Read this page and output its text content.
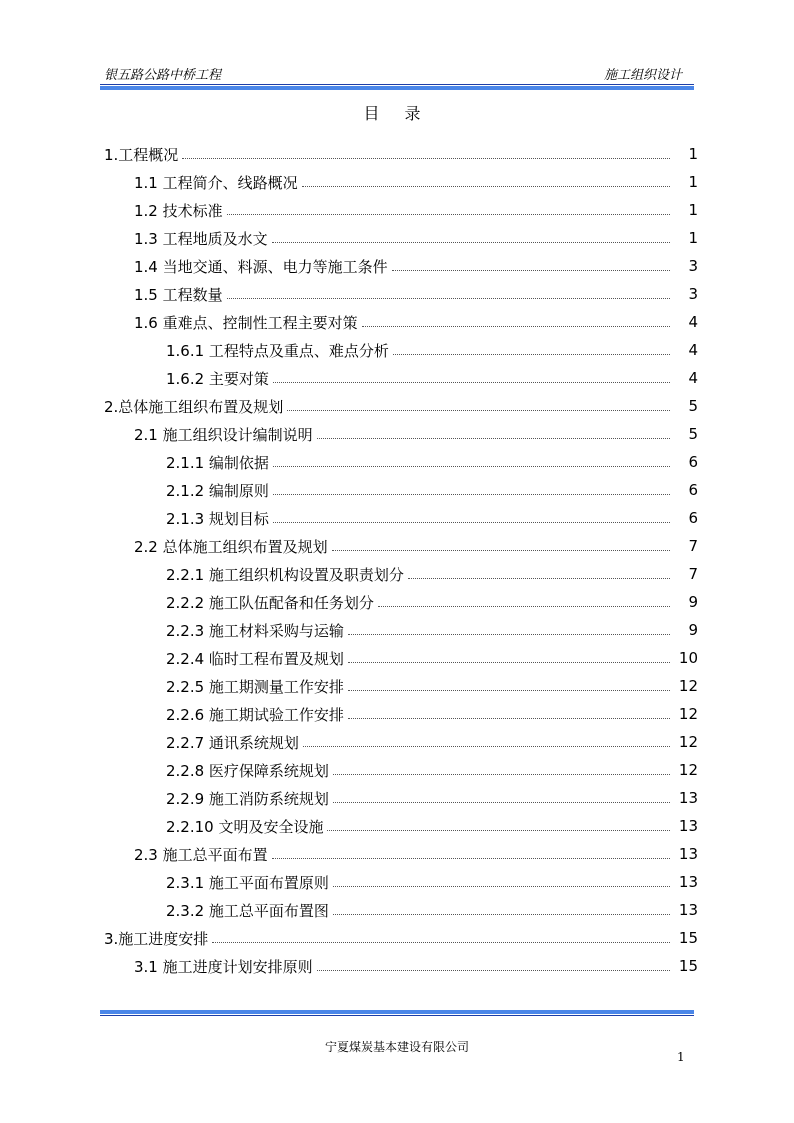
银五路公路中桥工程	施工组织设计
目 录
1.工程概况	1
1.1 工程简介、线路概况	1
1.2 技术标准	1
1.3 工程地质及水文	1
1.4 当地交通、料源、电力等施工条件	3
1.5 工程数量	3
1.6 重难点、控制性工程主要对策	4
1.6.1 工程特点及重点、难点分析	4
1.6.2 主要对策	4
2.总体施工组织布置及规划	5
2.1 施工组织设计编制说明	5
2.1.1 编制依据	6
2.1.2 编制原则	6
2.1.3 规划目标	6
2.2 总体施工组织布置及规划	7
2.2.1 施工组织机构设置及职责划分	7
2.2.2 施工队伍配备和任务划分	9
2.2.3 施工材料采购与运输	9
2.2.4 临时工程布置及规划	10
2.2.5 施工期测量工作安排	12
2.2.6 施工期试验工作安排	12
2.2.7 通讯系统规划	12
2.2.8 医疗保障系统规划	12
2.2.9 施工消防系统规划	13
2.2.10 文明及安全设施	13
2.3 施工总平面布置	13
2.3.1 施工平面布置原则	13
2.3.2 施工总平面布置图	13
3.施工进度安排	15
3.1 施工进度计划安排原则	15
宁夏煤炭基本建设有限公司
1
